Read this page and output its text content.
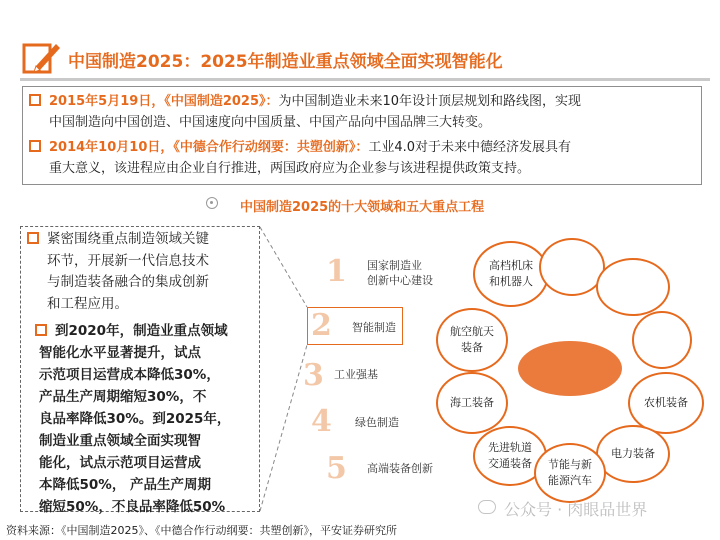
中国制造2025：2025年制造业重点领域全面实现智能化
2015年5月19日，《中国制造2025》：为中国制造业未来10年设计顶层规划和路线图，实现
中国制造向中国创造、中国速度向中国质量、中国产品向中国品牌三大转变。
2014年10月10日，《中德合作行动纲要：共塑创新》：工业4.0对于未来中德经济发展具有
重大意义，该进程应由企业自行推进，两国政府应为企业参与该进程提供政策支持。
中国制造2025的十大领域和五大重点工程
紧密围绕重点制造领域关键
环节，开展新一代信息技术
与制造装备融合的集成创新
和工程应用。
到2020年，制造业重点领域
智能化水平显著提升，试点
示范项目运营成本降低30%，
产品生产周期缩短30%，不
良品率降低30%。到2025年，
制造业重点领域全面实现智
能化，试点示范项目运营成
本降低50%， 产品生产周期
缩短50%，不良品率降低50%
1 国家制造业
创新中心建设
2 智能制造
3 工业强基
4 绿色制造
5 高端装备创新
高档机床
和机器人
航空航天
装备
海工装备	农机装备
先进轨道
交通装备
电力装备
节能与新
能源汽车
公众号 · 肉眼品世界
资料来源：《中国制造2025》、《中德合作行动纲要：共塑创新》，平安证券研究所
